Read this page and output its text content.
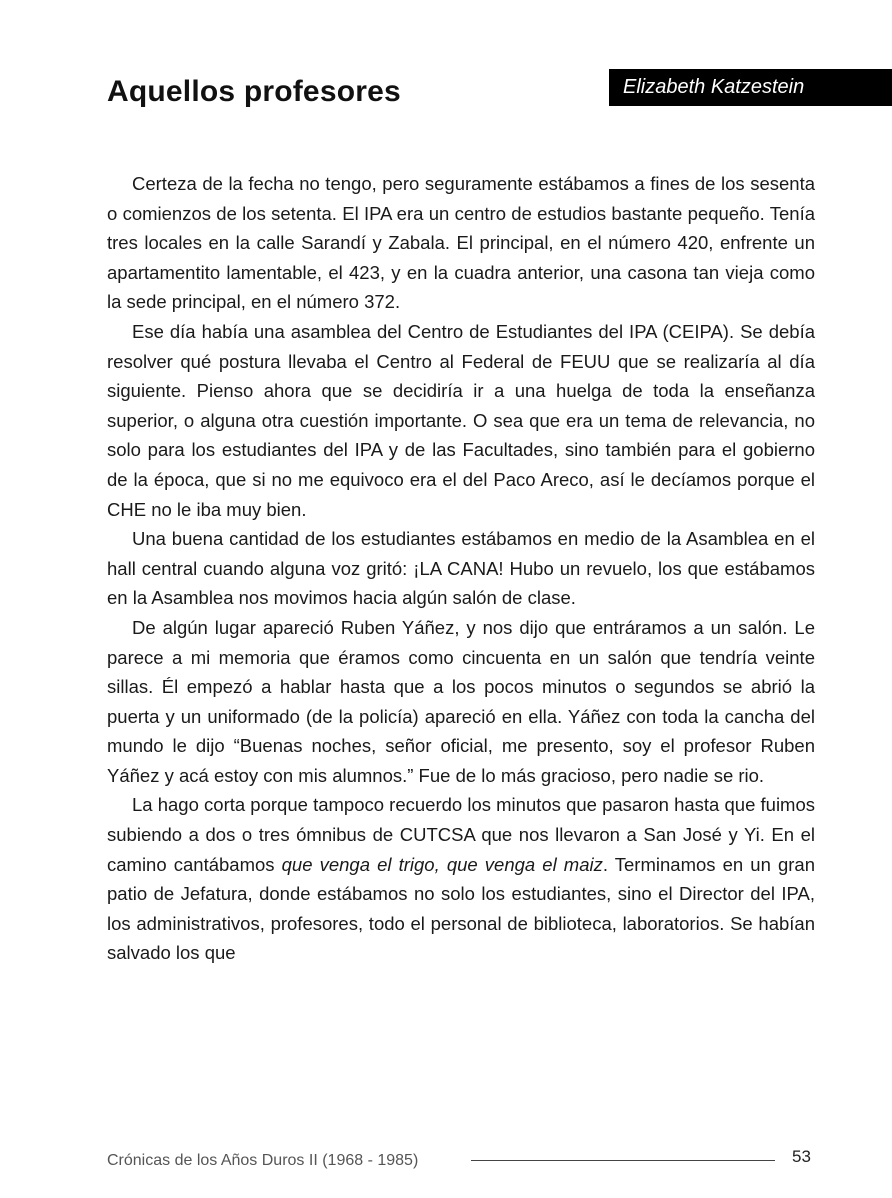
Aquellos profesores	Elizabeth Katzestein

Certeza de la fecha no tengo, pero seguramente estábamos a fines de los sesenta o comienzos de los setenta. El IPA era un centro de estudios bastante pequeño. Tenía tres locales en la calle Sarandí y Zabala. El principal, en el número 420, enfrente un apartamentito lamentable, el 423, y en la cuadra anterior, una casona tan vieja como la sede principal, en el número 372.

Ese día había una asamblea del Centro de Estudiantes del IPA (CEIPA). Se debía resolver qué postura llevaba el Centro al Federal de FEUU que se realizaría al día siguiente. Pienso ahora que se decidiría ir a una huelga de toda la enseñanza superior, o alguna otra cuestión importante. O sea que era un tema de relevancia, no solo para los estudiantes del IPA y de las Facultades, sino también para el gobierno de la época, que si no me equivoco era el del Paco Areco, así le decíamos porque el CHE no le iba muy bien.

Una buena cantidad de los estudiantes estábamos en medio de la Asamblea en el hall central cuando alguna voz gritó: ¡LA CANA! Hubo un revuelo, los que estábamos en la Asamblea nos movimos hacia algún salón de clase.

De algún lugar apareció Ruben Yáñez, y nos dijo que entráramos a un salón. Le parece a mi memoria que éramos como cincuenta en un salón que tendría veinte sillas. Él empezó a hablar hasta que a los pocos minutos o segundos se abrió la puerta y un uniformado (de la policía) apareció en ella. Yáñez con toda la cancha del mundo le dijo “Buenas noches, señor oficial, me presento, soy el profesor Ruben Yáñez y acá estoy con mis alumnos.” Fue de lo más gracioso, pero nadie se rio.

La hago corta porque tampoco recuerdo los minutos que pasaron hasta que fuimos subiendo a dos o tres ómnibus de CUTCSA que nos llevaron a San José y Yi. En el camino cantábamos que venga el trigo, que venga el maiz. Terminamos en un gran patio de Jefatura, donde estábamos no solo los estudiantes, sino el Director del IPA, los administrativos, profesores, todo el personal de biblioteca, laboratorios. Se habían salvado los que

Crónicas de los Años Duros II (1968 - 1985)	53
